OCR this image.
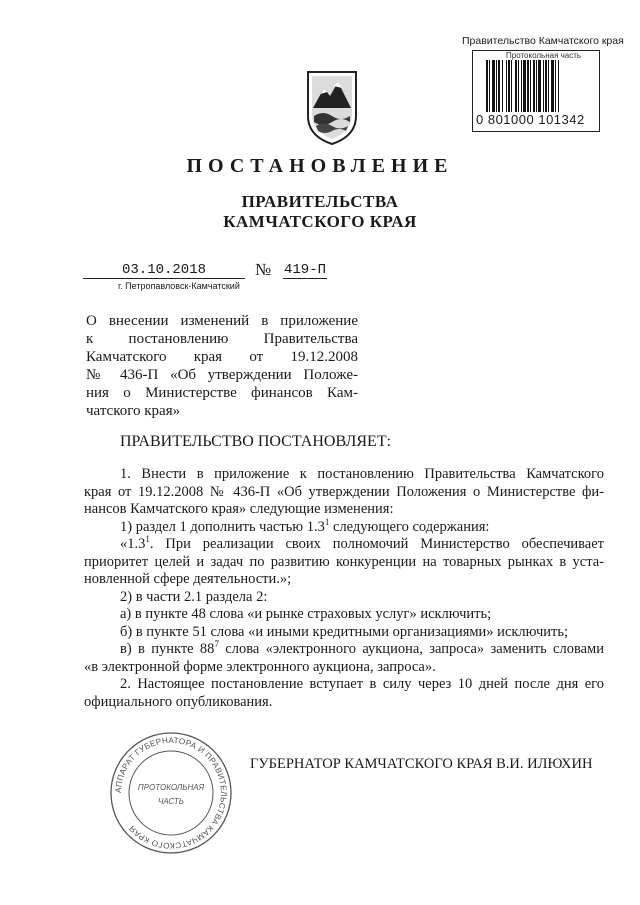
Правительство Камчатского края
Протокольная часть
0 801000 101342
ПОСТАНОВЛЕНИЕ
ПРАВИТЕЛЬСТВА
КАМЧАТСКОГО КРАЯ
03.10.2018	№ 419-П
г. Петропавловск-Камчатский
О внесении изменений в приложение
к постановлению Правительства
Камчатского края от 19.12.2008
№ 436-П «Об утверждении Положе-
ния о Министерстве финансов Кам-
чатского края»
ПРАВИТЕЛЬСТВО ПОСТАНОВЛЯЕТ:

1. Внести в приложение к постановлению Правительства Камчатского

края от 19.12.2008 № 436-П «Об утверждении Положения о Министерстве фи-

нансов Камчатского края» следующие изменения:

1) раздел 1 дополнить частью $1.3^1$ следующего содержания:

«$1.3^1$. При реализации своих полномочий Министерство обеспечивает

приоритет целей и задач по развитию конкуренции на товарных рынках в уста-

новленной сфере деятельности.»;

2) в части 2.1 раздела 2:

а) в пункте 48 слова «и рынке страховых услуг» исключить;

б) в пункте 51 слова «и иными кредитными организациями» исключить;

в) в пункте $88^7$ слова «электронного аукциона, запроса» заменить словами

«в электронной форме электронного аукциона, запроса».

2. Настоящее постановление вступает в силу через 10 дней после дня его

официального опубликования.

АППАРАТ ГУБЕРНАТОРА И ПРАВИТЕЛЬСТВА КАМЧАТСКОГО КРАЯ
ПРОТОКОЛЬНАЯ
ЧАСТЬ
ГУБЕРНАТОР КАМЧАТСКОГО КРАЯ В.И. ИЛЮХИН
